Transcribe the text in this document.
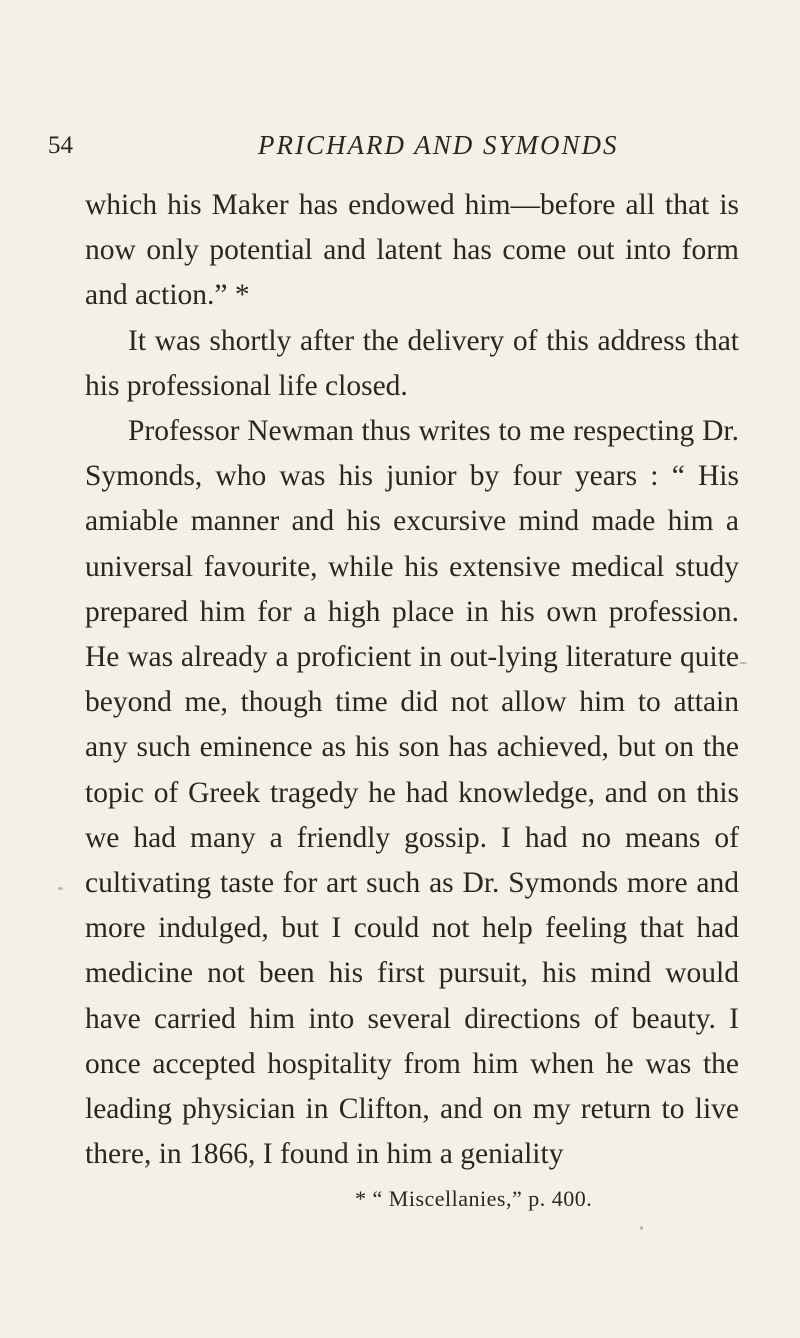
54	PRICHARD AND SYMONDS

which his Maker has endowed him—before all that is now only potential and latent has come out into form and action.” *

It was shortly after the delivery of this address that his professional life closed.

Professor Newman thus writes to me respecting Dr. Symonds, who was his junior by four years : “ His amiable manner and his excursive mind made him a universal favourite, while his extensive medical study prepared him for a high place in his own profession. He was already a proficient in out-lying literature quite beyond me, though time did not allow him to attain any such eminence as his son has achieved, but on the topic of Greek tragedy he had knowledge, and on this we had many a friendly gossip. I had no means of cultivating taste for art such as Dr. Symonds more and more indulged, but I could not help feeling that had medicine not been his first pursuit, his mind would have carried him into several directions of beauty. I once accepted hospitality from him when he was the leading physician in Clifton, and on my return to live there, in 1866, I found in him a geniality

* “ Miscellanies,” p. 400.
